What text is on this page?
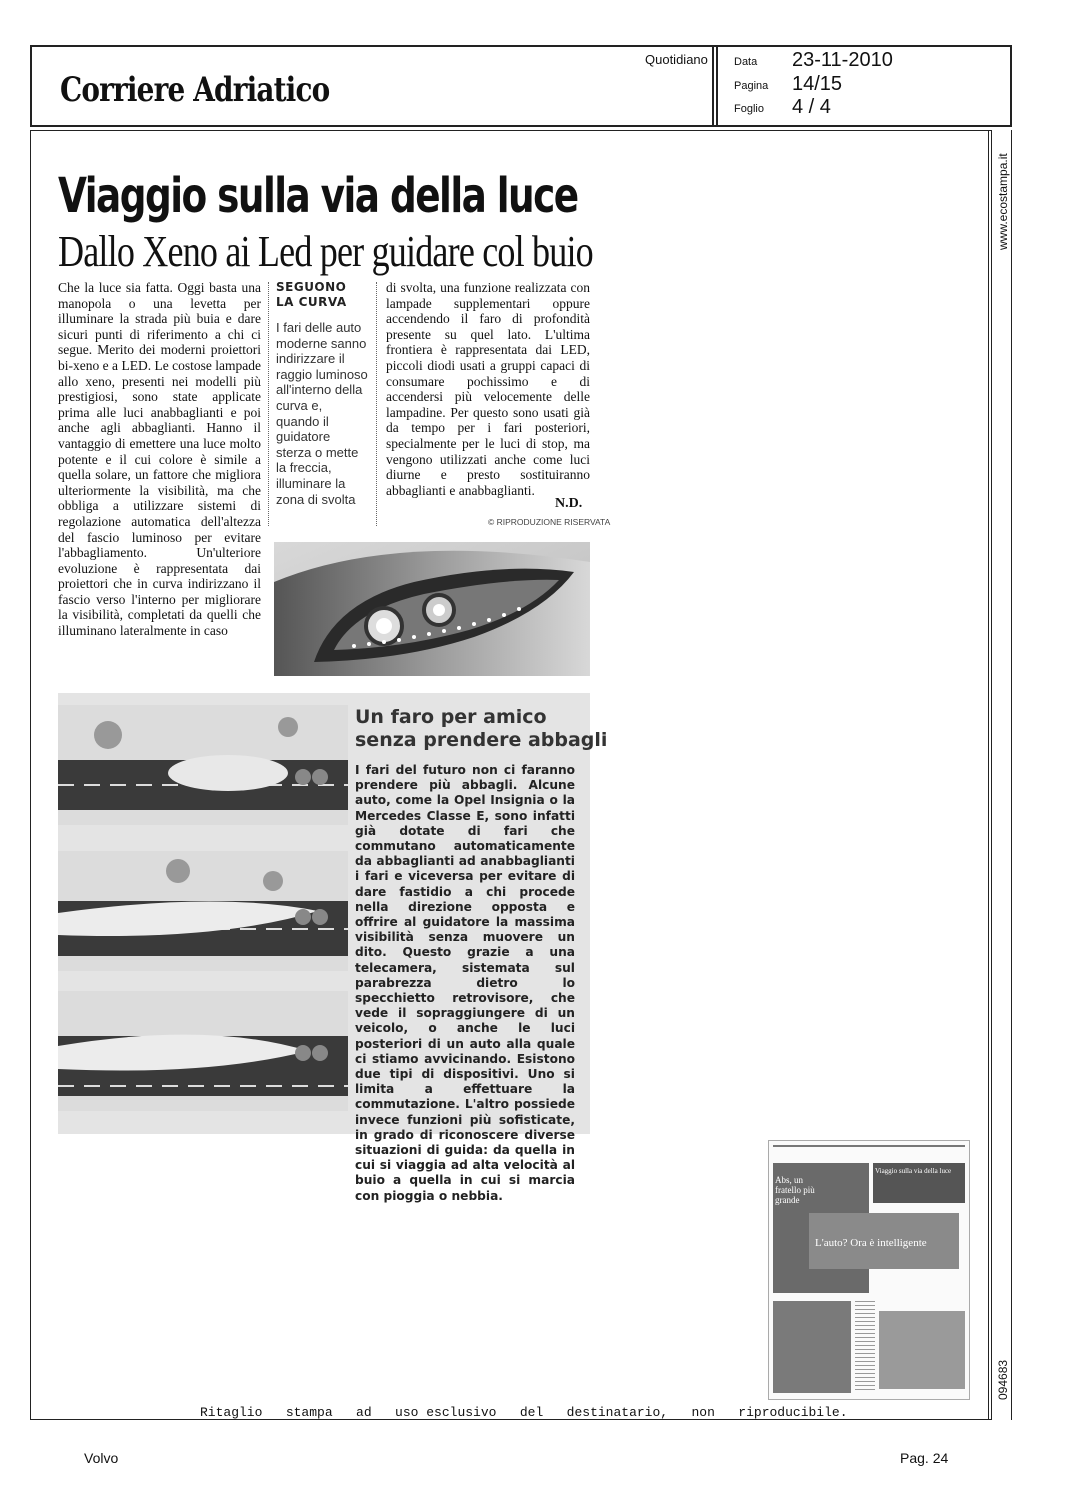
Corriere Adriatico
Quotidiano Data 23-11-2010
Pagina 14/15
Foglio 4 / 4
www.ecostampa.it
094683
Viaggio sulla via della luce
Dallo Xeno ai Led per guidare col buio
Che la luce sia fatta. Oggi basta una manopola o una levetta per illuminare la strada più buia e dare sicuri punti di riferimento a chi ci segue. Merito dei moderni proiettori bi-xeno e a LED. Le costose lampade allo xeno, presenti nei modelli più prestigiosi, sono state applicate prima alle luci anabbaglianti e poi anche agli abbaglianti. Hanno il vantaggio di emettere una luce molto potente e il cui colore è simile a quella solare, un fattore che migliora ulteriormente la visibilità, ma che obbliga a utilizzare sistemi di regolazione automatica dell'altezza del fascio luminoso per evitare l'abbagliamento. Un'ulteriore evoluzione è rappresentata dai proiettori che in curva indirizzano il fascio verso l'interno per migliorare la visibilità, completati da quelli che illuminano lateralmente in caso
SEGUONO
LA CURVA
I fari delle auto moderne sanno indirizzare il raggio luminoso all'interno della curva e, quando il guidatore sterza o mette la freccia, illuminare la zona di svolta
di svolta, una funzione realizzata con lampade supplementari oppure accendendo il faro di profondità presente su quel lato. L'ultima frontiera è rappresentata dai LED, piccoli diodi usati a gruppi capaci di consumare pochissimo e di accendersi più velocemente delle lampadine. Per questo sono usati già da tempo per i fari posteriori, specialmente per le luci di stop, ma vengono utilizzati anche come luci diurne e presto sostituiranno abbaglianti e anabbaglianti.
N.D.
© RIPRODUZIONE RISERVATA
Un faro per amico
senza prendere abbagli
I fari del futuro non ci faranno prendere più abbagli. Alcune auto, come la Opel Insignia o la Mercedes Classe E, sono infatti già dotate di fari che commutano automaticamente da abbaglianti ad anabbaglianti i fari e viceversa per evitare di dare fastidio a chi procede nella direzione opposta e offrire al guidatore la massima visibilità senza muovere un dito. Questo grazie a una telecamera, sistemata sul parabrezza dietro lo specchietto retrovisore, che vede il sopraggiungere di un veicolo, o anche le luci posteriori di un auto alla quale ci stiamo avvicinando. Esistono due tipi di dispositivi. Uno si limita a effettuare la commutazione. L'altro possiede invece funzioni più sofisticate, in grado di riconoscere diverse situazioni di guida: da quella in cui si viaggia ad alta velocità al buio a quella in cui si marcia con pioggia o nebbia.
Abs, un fratello più grande
Viaggio sulla via della luce
L'auto? Ora è intelligente
Ritaglio   stampa   ad   uso esclusivo   del   destinatario,   non   riproducibile.
Volvo	Pag. 24
